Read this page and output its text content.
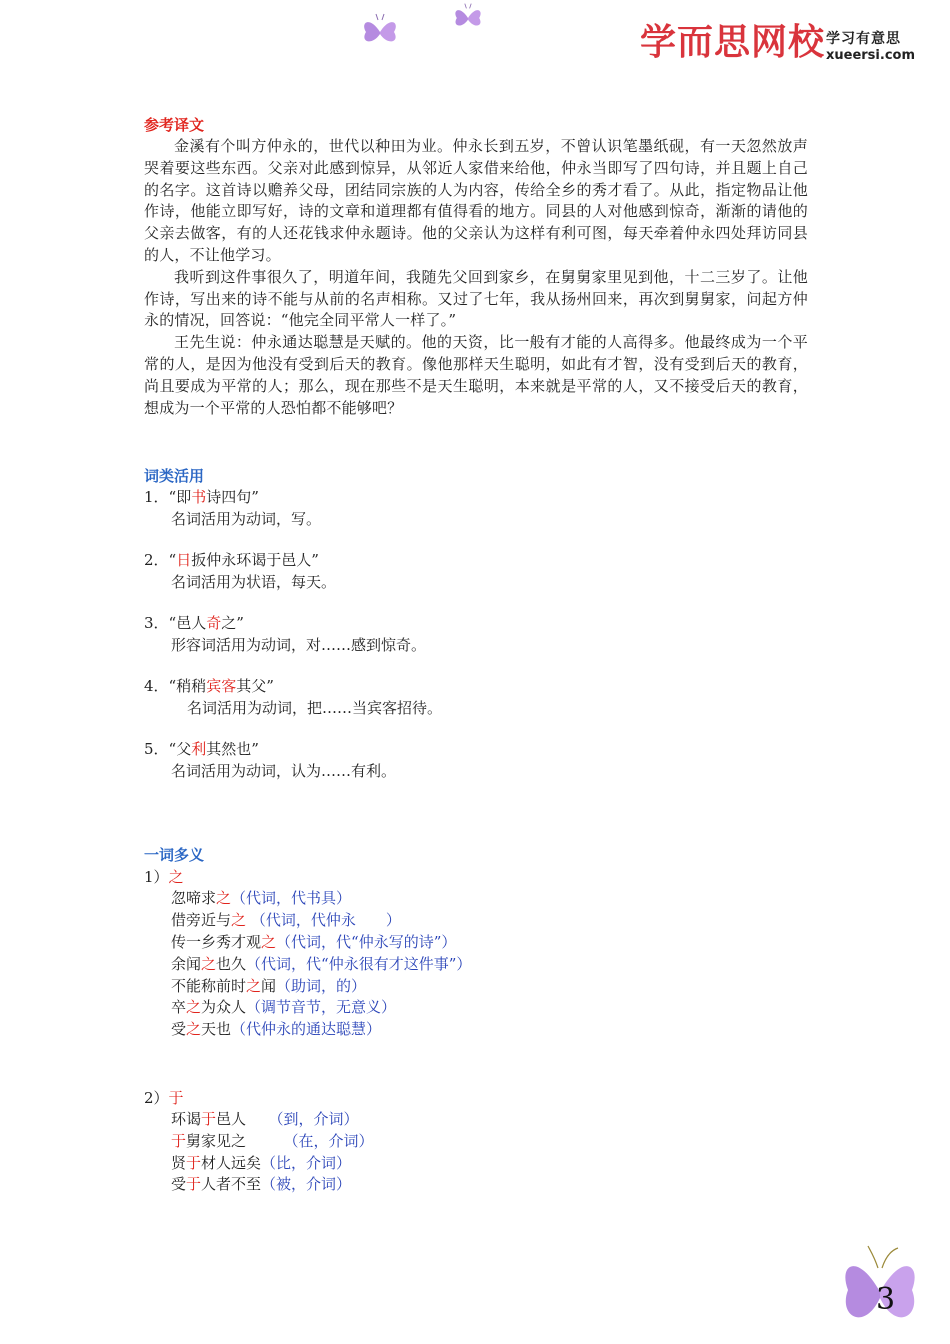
学而思网校 学习有意思
xueersi.com
参考译文

金溪有个叫方仲永的，世代以种田为业。仲永长到五岁，不曾认识笔墨纸砚，有一天忽然放声哭着要这些东西。父亲对此感到惊异，从邻近人家借来给他，仲永当即写了四句诗，并且题上自己的名字。这首诗以赡养父母，团结同宗族的人为内容，传给全乡的秀才看了。从此，指定物品让他作诗，他能立即写好，诗的文章和道理都有值得看的地方。同县的人对他感到惊奇，渐渐的请他的父亲去做客，有的人还花钱求仲永题诗。他的父亲认为这样有利可图，每天牵着仲永四处拜访同县的人，不让他学习。

我听到这件事很久了，明道年间，我随先父回到家乡，在舅舅家里见到他，十二三岁了。让他作诗，写出来的诗不能与从前的名声相称。又过了七年，我从扬州回来，再次到舅舅家，问起方仲永的情况，回答说：“他完全同平常人一样了。”

王先生说：仲永通达聪慧是天赋的。他的天资，比一般有才能的人高得多。他最终成为一个平常的人，是因为他没有受到后天的教育。像他那样天生聪明，如此有才智，没有受到后天的教育，尚且要成为平常的人；那么，现在那些不是天生聪明，本来就是平常的人，又不接受后天的教育，想成为一个平常的人恐怕都不能够吧？

词类活用
1．“即书诗四句”
名词活用为动词，写。
2．“日扳仲永环谒于邑人”
名词活用为状语，每天。
3．“邑人奇之”
形容词活用为动词，对……感到惊奇。
4．“稍稍宾客其父”
名词活用为动词，把……当宾客招待。
5．“父利其然也”
名词活用为动词，认为……有利。
一词多义
1）之
忽啼求之（代词，代书具）
借旁近与之 （代词，代仲永　　）
传一乡秀才观之（代词，代“仲永写的诗”）
余闻之也久（代词，代“仲永很有才这件事”）
不能称前时之闻（助词，的）
卒之为众人（调节音节，无意义）
受之天也（代仲永的通达聪慧）
2）于
环谒于邑人　　（到，介词）
于舅家见之　　　（在，介词）
贤于材人远矣（比，介词）
受于人者不至（被，介词）
3
